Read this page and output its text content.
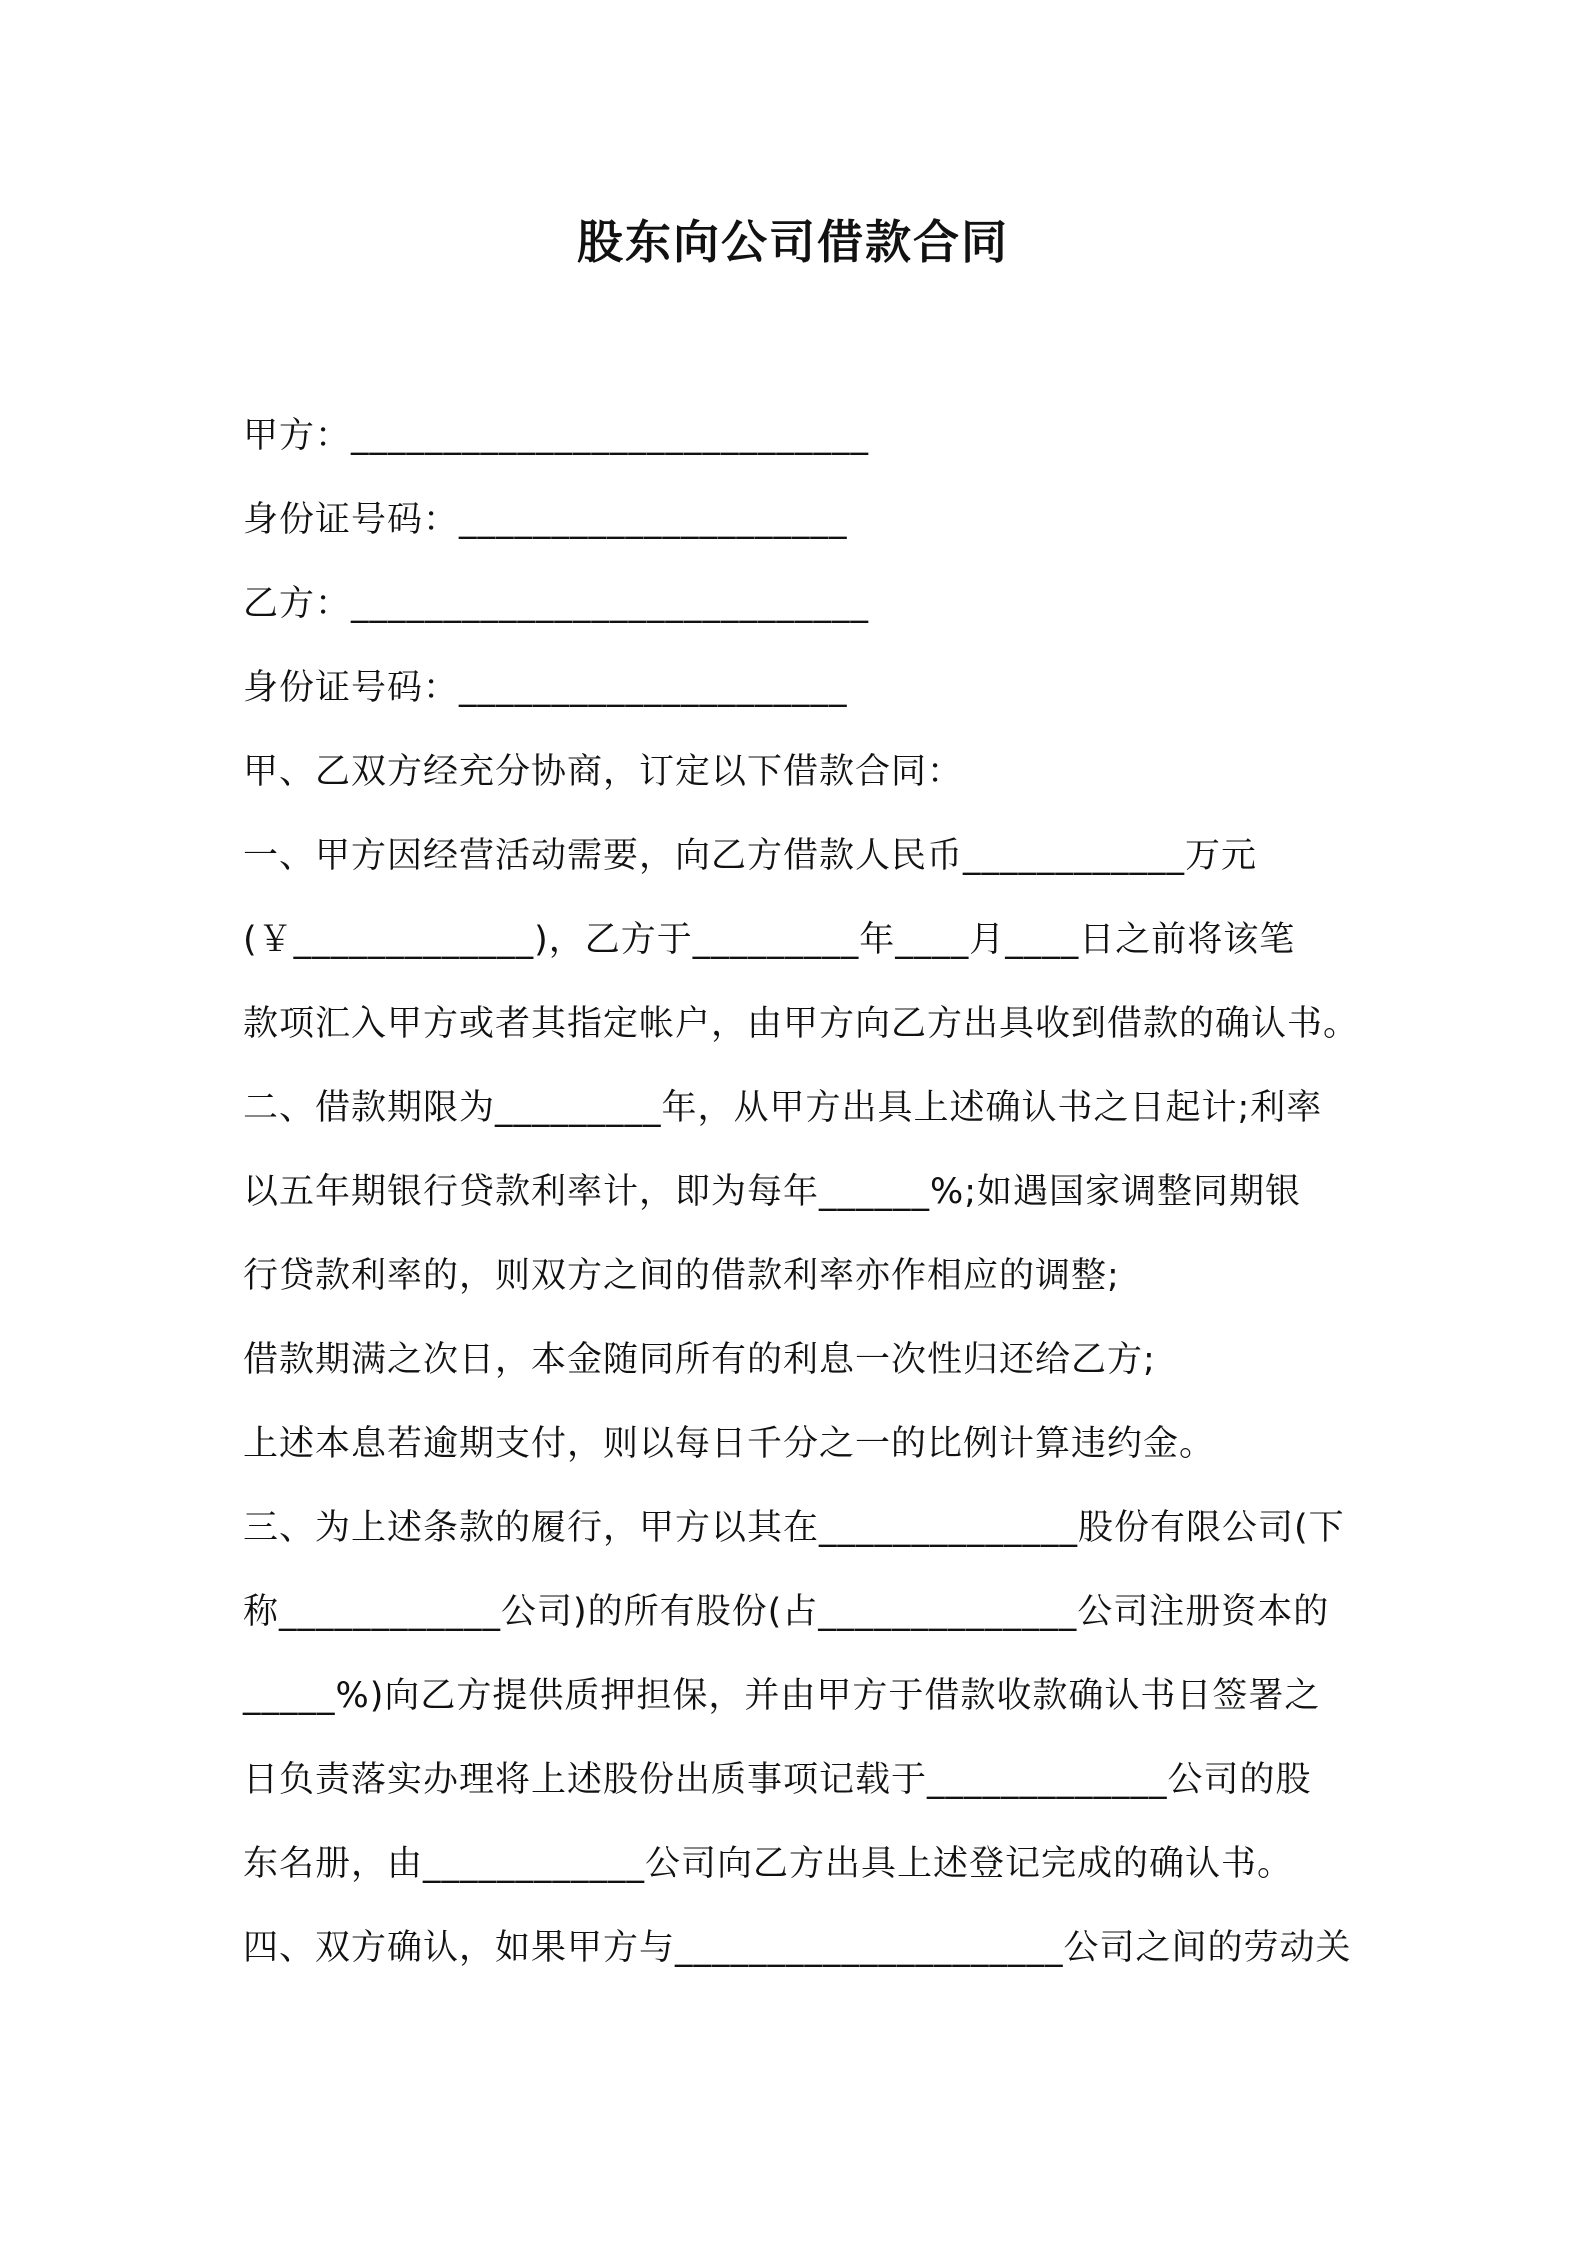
股东向公司借款合同
甲方：____________________________
身份证号码：_____________________
乙方：____________________________
身份证号码：_____________________
甲、乙双方经充分协商，订定以下借款合同：
一、甲方因经营活动需要，向乙方借款人民币____________万元
(￥_____________)，乙方于_________年____月____日之前将该笔
款项汇入甲方或者其指定帐户，由甲方向乙方出具收到借款的确认书。
二、借款期限为_________年，从甲方出具上述确认书之日起计;利率
以五年期银行贷款利率计，即为每年______%;如遇国家调整同期银
行贷款利率的，则双方之间的借款利率亦作相应的调整;
借款期满之次日，本金随同所有的利息一次性归还给乙方;
上述本息若逾期支付，则以每日千分之一的比例计算违约金。
三、为上述条款的履行，甲方以其在______________股份有限公司(下
称____________公司)的所有股份(占______________公司注册资本的
_____%)向乙方提供质押担保，并由甲方于借款收款确认书日签署之
日负责落实办理将上述股份出质事项记载于_____________公司的股
东名册，由____________公司向乙方出具上述登记完成的确认书。
四、双方确认，如果甲方与_____________________公司之间的劳动关
